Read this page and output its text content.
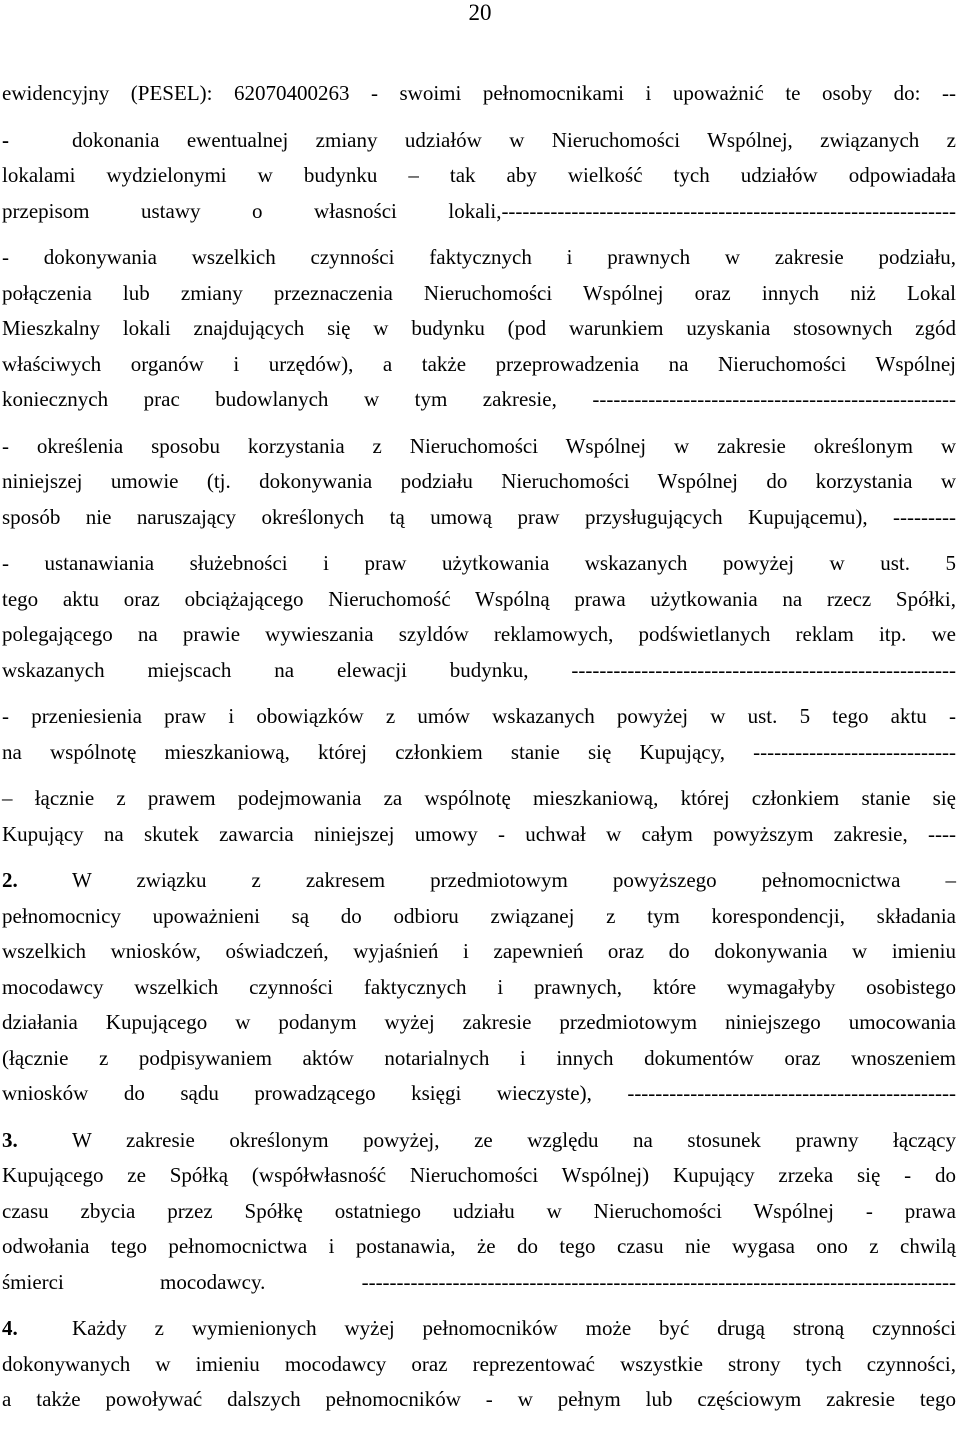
20

ewidencyjny (PESEL): 62070400263 - swoimi pełnomocnikami i upoważnić te osoby do: --

-	dokonania ewentualnej zmiany udziałów w Nieruchomości Wspólnej, związanych z

lokalami wydzielonymi w budynku – tak aby wielkość tych udziałów odpowiadała

przepisom ustawy o własności lokali,-----------------------------------------------------------------

- dokonywania wszelkich czynności faktycznych i prawnych w zakresie podziału,

połączenia lub zmiany przeznaczenia Nieruchomości Wspólnej oraz innych niż Lokal

Mieszkalny lokali znajdujących się w budynku (pod warunkiem uzyskania stosownych zgód

właściwych organów i urzędów), a także przeprowadzenia na Nieruchomości Wspólnej

koniecznych prac budowlanych w tym zakresie, ----------------------------------------------------

- określenia sposobu korzystania z Nieruchomości Wspólnej w zakresie określonym w

niniejszej umowie (tj. dokonywania podziału Nieruchomości Wspólnej do korzystania w

sposób nie naruszający określonych tą umową praw przysługujących Kupującemu), ---------

- ustanawiania służebności i praw użytkowania wskazanych powyżej w ust. 5

tego aktu oraz obciążającego Nieruchomość Wspólną prawa użytkowania na rzecz Spółki,

polegającego na prawie wywieszania szyldów reklamowych, podświetlanych reklam itp. we

wskazanych miejscach na elewacji budynku, -------------------------------------------------------

- przeniesienia praw i obowiązków z umów wskazanych powyżej w ust. 5 tego aktu -

na wspólnotę mieszkaniową, której członkiem stanie się Kupujący, -----------------------------

– łącznie z prawem podejmowania za wspólnotę mieszkaniową, której członkiem stanie się

Kupujący na skutek zawarcia niniejszej umowy - uchwał w całym powyższym zakresie, ----

2.	W związku z zakresem przedmiotowym powyższego pełnomocnictwa –

pełnomocnicy upoważnieni są do odbioru związanej z tym korespondencji, składania

wszelkich wniosków, oświadczeń, wyjaśnień i zapewnień oraz do dokonywania w imieniu

mocodawcy wszelkich czynności faktycznych i prawnych, które wymagałyby osobistego

działania Kupującego w podanym wyżej zakresie przedmiotowym niniejszego umocowania

(łącznie z podpisywaniem aktów notarialnych i innych dokumentów oraz wnoszeniem

wniosków do sądu prowadzącego księgi wieczyste), -----------------------------------------------

3.	W zakresie określonym powyżej, ze względu na stosunek prawny łączący

Kupującego ze Spółką (współwłasność Nieruchomości Wspólnej) Kupujący zrzeka się - do

czasu zbycia przez Spółkę ostatniego udziału w Nieruchomości Wspólnej - prawa

odwołania tego pełnomocnictwa i postanawia, że do tego czasu nie wygasa ono z chwilą

śmierci mocodawcy. -------------------------------------------------------------------------------------

4.	Każdy z wymienionych wyżej pełnomocników może być drugą stroną czynności

dokonywanych w imieniu mocodawcy oraz reprezentować wszystkie strony tych czynności,

a także powoływać dalszych pełnomocników - w pełnym lub częściowym zakresie tego
